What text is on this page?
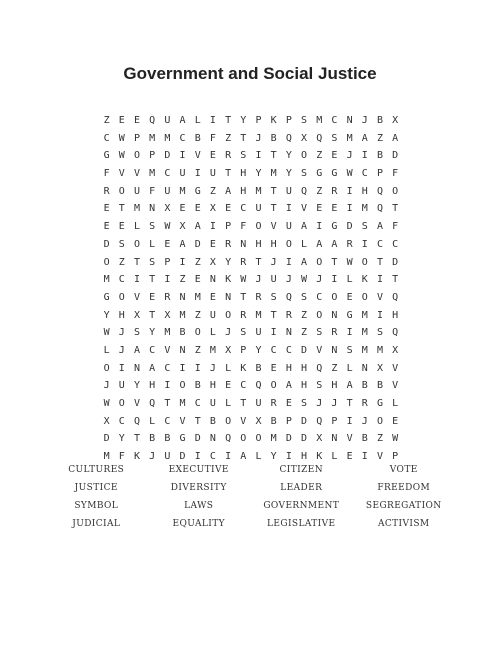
Government and Social Justice
Z E E Q U A L I T Y P K P S M C N J B X
C W P M M C B F Z T J B Q X Q S M A Z A
G W O P D I V E R S I T Y O Z E J I B D
F V V M C U I U T H Y M Y S G G W C P F
R O U F U M G Z A H M T U Q Z R I H Q O
E T M N X E E X E C U T I V E E I M Q T
E E L S W X A I P F O V U A I G D S A F
D S O L E A D E R N H H O L A A R I C C
O Z T S P I Z X Y R T J I A O T W O T D
M C I T I Z E N K W J U J W J I L K I T
G O V E R N M E N T R S Q S C O E O V Q
Y H X T X M Z U O R M T R Z O N G M I H
W J S Y M B O L J S U I N Z S R I M S Q
L J A C V N Z M X P Y C C D V N S M M X
O I N A C I I J L K B E H H Q Z L N X V
J U Y H I O B H E C Q O A H S H A B B V
W O V Q T M C U L T U R E S J J T R G L
X C Q L C V T B O V X B P D Q P I J O E
D Y T B B G D N Q O O M D D X N V B Z W
M F K J U D I C I A L Y I H K L E I V P
CULTURES	EXECUTIVE	CITIZEN	VOTE
JUSTICE	DIVERSITY	LEADER	FREEDOM
SYMBOL	LAWS	GOVERNMENT	SEGREGATION
JUDICIAL	EQUALITY	LEGISLATIVE	ACTIVISM
